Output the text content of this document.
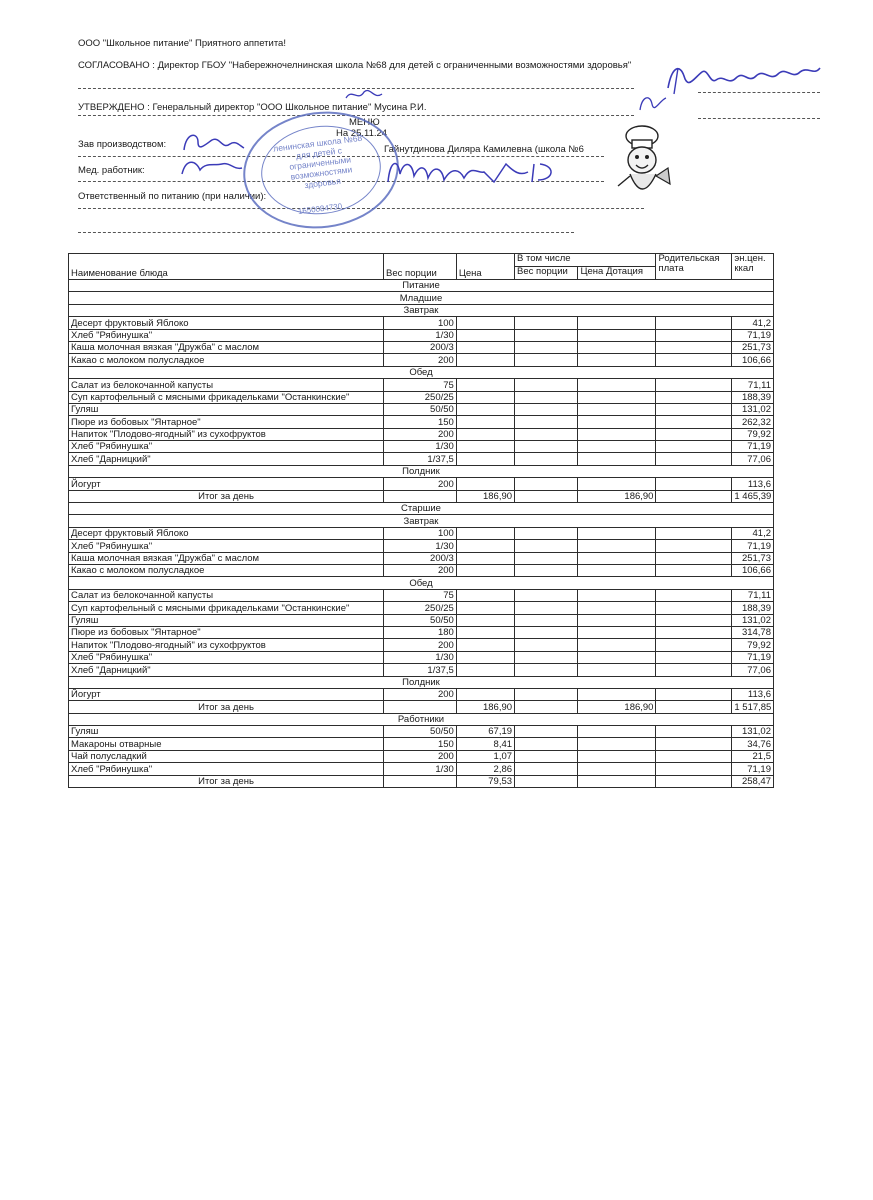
ООО "Школьное питание" Приятного аппетита!
СОГЛАСОВАНО : Директор ГБОУ "Набережночелнинская школа №68 для детей с ограниченными возможностями здоровья"
УТВЕРЖДЕНО : Генеральный директор "ООО Школьное питание" Мусина Р.И.
МЕНЮ
На 25.11.24
Зав производством:	Гайнутдинова Диляра Камилевна (школа №6
Мед. работник:
Ответственный по питанию (при наличии):
ленинская школа №68 для детей с ограниченными возможностями здоровья
1650084730
Наименование блюда	Вес порции	Цена	В том числе		Родительская плата	эн.цен. ккал
			Вес порции	Цена Дотация		
Питание						
Младшие						
Завтрак						
Десерт фруктовый Яблоко	100					41,2
Хлеб "Рябинушка"	1/30					71,19
Каша молочная вязкая "Дружба" с маслом	200/3					251,73
Какао с молоком полусладкое	200					106,66
Обед						
Салат из белокочанной капусты	75					71,11
Суп картофельный с мясными фрикадельками "Останкинские"	250/25					188,39
Гуляш	50/50					131,02
Пюре из бобовых "Янтарное"	150					262,32
Напиток "Плодово-ягодный" из сухофруктов	200					79,92
Хлеб "Рябинушка"	1/30					71,19
Хлеб "Дарницкий"	1/37,5					77,06
Полдник						
Йогурт	200					113,6
Итог за день		186,90		186,90		1 465,39
Старшие						
Завтрак						
Десерт фруктовый Яблоко	100					41,2
Хлеб "Рябинушка"	1/30					71,19
Каша молочная вязкая "Дружба" с маслом	200/3					251,73
Какао с молоком полусладкое	200					106,66
Обед						
Салат из белокочанной капусты	75					71,11
Суп картофельный с мясными фрикадельками "Останкинские"	250/25					188,39
Гуляш	50/50					131,02
Пюре из бобовых "Янтарное"	180					314,78
Напиток "Плодово-ягодный" из сухофруктов	200					79,92
Хлеб "Рябинушка"	1/30					71,19
Хлеб "Дарницкий"	1/37,5					77,06
Полдник						
Йогурт	200					113,6
Итог за день		186,90		186,90		1 517,85
Работники						
Гуляш	50/50	67,19				131,02
Макароны отварные	150	8,41				34,76
Чай полусладкий	200	1,07				21,5
Хлеб "Рябинушка"	1/30	2,86				71,19
Итог за день		79,53				258,47
